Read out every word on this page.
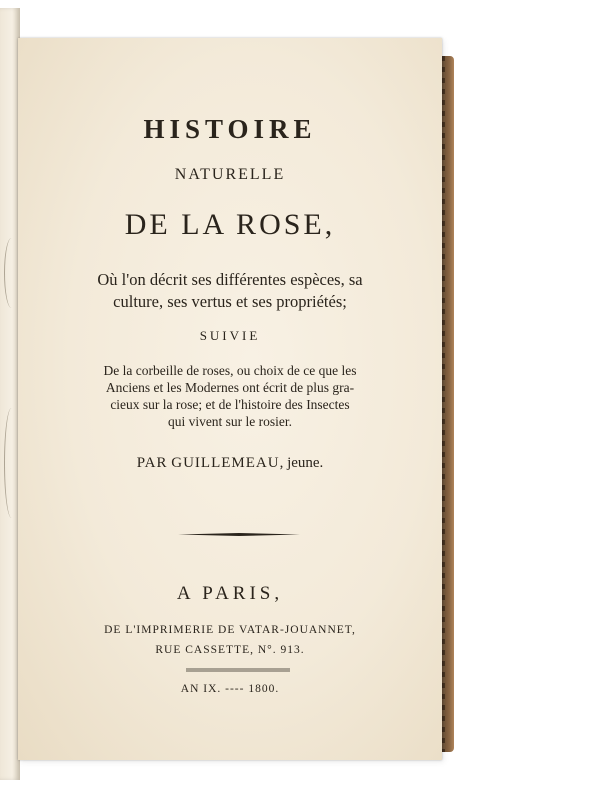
HISTOIRE
NATURELLE
DE LA ROSE,
Où l'on décrit ses différentes espèces, sa
culture, ses vertus et ses propriétés;
SUIVIE
De la corbeille de roses, ou choix de ce que les
Anciens et les Modernes ont écrit de plus gra-
cieux sur la rose; et de l'histoire des Insectes
qui vivent sur le rosier.
PAR GUILLEMEAU, jeune.
A PARIS,
DE L'IMPRIMERIE DE VATAR-JOUANNET,
RUE CASSETTE, N°. 913.
AN IX. ---- 1800.
